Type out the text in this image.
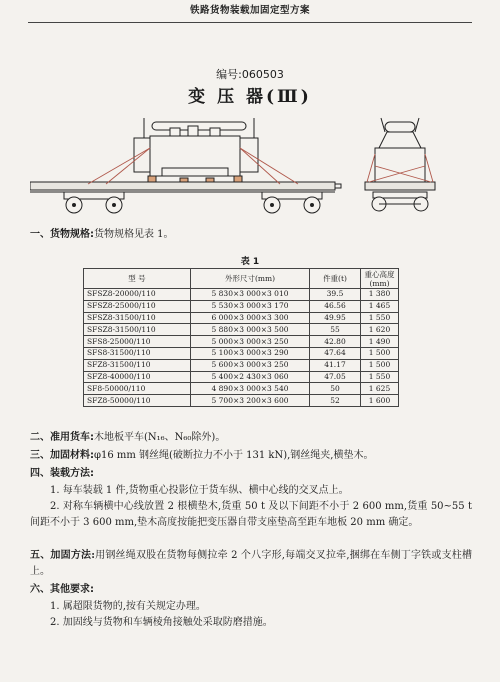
铁路货物装载加固定型方案
编号:060503
变 压 器(Ⅲ)
一、货物规格:货物规格见表 1。
表 1
型 号	外形尺寸(mm)	件重(t)	重心高度
(mm)
SFSZ8-20000/110	5 830×3 000×3 010	39.5	1 380
SFSZ8-25000/110	5 530×3 000×3 170	46.56	1 465
SFSZ8-31500/110	6 000×3 000×3 300	49.95	1 550
SFSZ8-31500/110	5 880×3 000×3 500	55	1 620
SFS8-25000/110	5 000×3 000×3 250	42.80	1 490
SFS8-31500/110	5 100×3 000×3 290	47.64	1 500
SFZ8-31500/110	5 600×3 000×3 250	41.17	1 500
SFZ8-40000/110	5 400×2 430×3 060	47.05	1 550
SF8-50000/110	4 890×3 000×3 540	50	1 625
SFZ8-50000/110	5 700×3 200×3 600	52	1 600
二、准用货车:木地板平车(N₁₆、N₆₀除外)。
三、加固材料:φ16 mm 钢丝绳(破断拉力不小于 131 kN),钢丝绳夹,横垫木。
四、装载方法:
1. 每车装载 1 件,货物重心投影位于货车纵、横中心线的交叉点上。
2. 对称车辆横中心线放置 2 根横垫木,货重 50 t 及以下间距不小于 2 600 mm,货重 50~55 t 间距不小于 3 600 mm,垫木高度按能把变压器自带支座垫高至距车地板 20 mm 确定。
五、加固方法:用钢丝绳双股在货物每侧拉牵 2 个八字形,每端交叉拉牵,捆绑在车侧丁字铁或支柱槽上。
六、其他要求:
1. 属超限货物的,按有关规定办理。
2. 加固线与货物和车辆棱角接触处采取防磨措施。
